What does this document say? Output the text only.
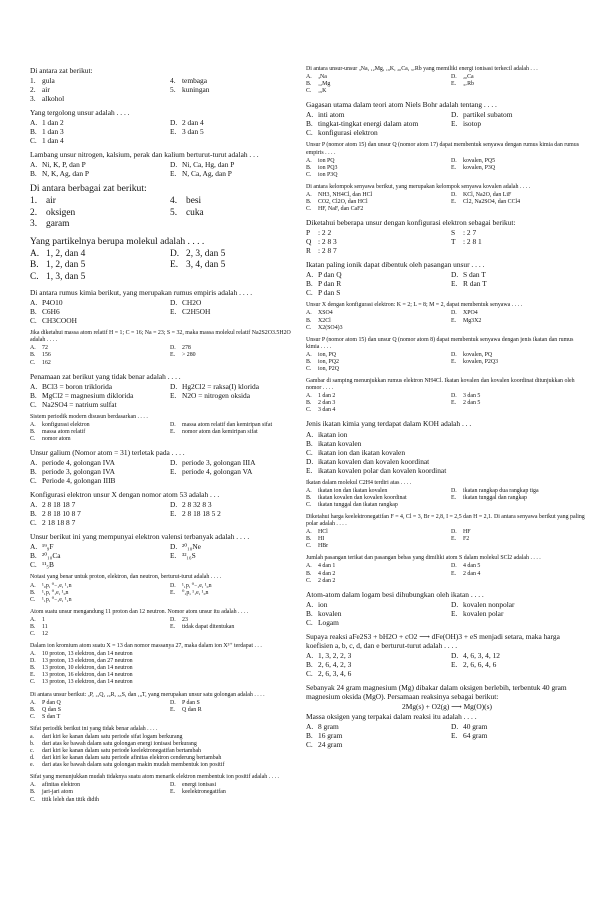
Di antara zat berikut:
1. gula	4. tembaga
2. air	5. kuningan
3. alkohol
Yang tergolong unsur adalah . . . .
A. 1 dan 2	D. 2 dan 4
B. 1 dan 3	E. 3 dan 5
C. 1 dan 4
Lambang unsur nitrogen, kalsium, perak dan kalium berturut-turut adalah . . .
A. Ni, K, P, dan P	D. Ni, Ca, Hg, dan P
B. N, K, Ag, dan P	E. N, Ca, Ag, dan P
Di antara berbagai zat berikut:
1. air	4. besi
2. oksigen	5. cuka
3. garam
Yang partikelnya berupa molekul adalah . . . .
A. 1, 2, dan 4	D. 2, 3, dan 5
B. 1, 2, dan 5	E. 3, 4, dan 5
C. 1, 3, dan 5
Di antara rumus kimia berikut, yang merupakan rumus empiris adalah . . . .
A. P4O10	D. CH2O
B. C6H6	E. C2H5OH
C. CH3COOH
Jika diketahui massa atom relatif H = 1; C = 16; Na = 23; S = 32, maka massa molekul relatif Na2S2O3.5H2O adalah . . . .
A.	72	D.	278
B.	156	E.	> 280
C.	162
Penamaan zat berikut yang tidak benar adalah . . . .
A. BCl3 = boron triklorida	D. Hg2Cl2 = raksa(I) klorida
B. MgCl2 = magnesium diklorida	E. N2O = nitrogen oksida
C. Na2SO4 = natrium sulfat
Sistem periodik modern disusun berdasarkan . . . .
A.	konfigurasi elektron	D.	massa atom relatif dan kemiripan sifat
B.	massa atom relatif	E.	nomor atom dan kemiripan sifat
C.	nomor atom
Unsur galium (Nomor atom = 31) terletak pada . . . .
A. periode 4, golongan IVA	D. periode 3, golongan IIIA
B. periode 3, golongan IVA	E. periode 4, golongan VA
C. Periode 4, golongan IIIB
Konfigurasi elektron unsur X dengan nomor atom 53 adalah . . .
A. 2 8 18 18 7	D. 2 8 32 8 3
B. 2 8 18 10 8 7	E. 2 8 18 18 5 2
C. 2 18 18 8 7
Unsur berikut ini yang mempunyai elektron valensi terbanyak adalah . . . .
A. ¹⁹₉F	D. ²⁰₁₀Ne
B. ²⁰₁₀Ca	E. ³²₁₆S
C. ¹¹₅B
Notasi yang benar untuk proton, elektron, dan neutron, berturut-turut adalah . . . .
A.	¹₀p, ⁰₋₁e, ¹₁n	D.	¹₁p, ⁰₋₁e, ¹₀n
B.	¹₁p, ⁰₁e, ¹₀n	E.	⁰₁p, ¹₁e, ¹₀n
C.	¹₁p, ⁰₋₁e, ¹₁n
Atom suatu unsur mengandung 11 proton dan 12 neutron. Nomor atom unsur itu adalah . . . .
A.	1	D.	23
B.	11	E.	tidak dapat ditentukan
C.	12
Dalam ion kromium atom suatu X = 13 dan nomor massanya 27, maka dalam ion X³⁺ terdapat . . .
A.	10 proton, 13 elektron, dan 14 neutron
D.	13 proton, 13 elektron, dan 27 neutron
B.	13 proton, 10 elektron, dan 14 neutron
E.	13 proton, 16 elektron, dan 14 neutron
C.	13 proton, 13 elektron, dan 14 neutron
Di antara unsur berikut: ₃P, ₁₂Q, ₁₉R, ₃₃S, dan ₁₈T, yang merupakan unsur satu golongan adalah . . . .
A.	P dan Q	D.	P dan S
B.	Q dan S	E.	Q dan R
C.	S dan T
Sifat periodik berikut ini yang tidak benar adalah . . . .
a.	dari kiri ke kanan dalam satu periode sifat logam berkurang
b.	dari atas ke bawah dalam satu golongan energi ionisasi berkurang
c.	dari kiri ke kanan dalam satu periode keelektronegatifan bertambah
d.	dari kiri ke kanan dalam satu periode afinitas elektron cenderung bertambah
e.	dari atas ke bawah dalam satu golongan makin mudah membentuk ion positif
Sifat yang menunjukkan mudah tidaknya suatu atom menarik elektron membentuk ion positif adalah . . . .
A.	afinitas elektron	D.	energi ionisasi
B.	jari-jari atom	E.	keelektronegatifan
C.	titik leleh dan titik didih
Di antara unsur-unsur ₃Na, ₁₂Mg, ₁₉K, ₂₀Ca, ₃₇Rb yang memiliki energi ionisasi terkecil adalah . . .
A.	₃Na	D.	₂₀Ca
B.	₁₂Mg	E.	₃₇Rb
C.	₁₉K
Gagasan utama dalam teori atom Niels Bohr adalah tentang . . . .
A. inti atom	D. partikel subatom
B. tingkat-tingkat energi dalam atom	E. isotop
C. konfigurasi elektron
Unsur P (nomor atom 15) dan unsur Q (nomor atom 17) dapat membentuk senyawa dengan rumus kimia dan rumus empiris . . . .
A.	ion PQ	D.	kovalen, PQ5
B.	ion PQ3	E.	kovalen, P3Q
C.	ion P3Q
Di antara kelompok senyawa berikut, yang merupakan kelompok senyawa kovalen adalah . . . .
A.	NH3, NH4Cl, dan HCl	D.	KCl, Na2O, dan LiF
B.	CO2, Cl2O, dan HCl	E.	Cl2, Na2SO4, dan CCl4
C.	HF, NaF, dan CaF2
Diketahui beberapa unsur dengan konfigurasi elektron sebagai berikut:
P	: 2 2	S	: 2 7
Q : 2 8 3	T	: 2 8 1
R : 2 8 7
Ikatan paling ionik dapat dibentuk oleh pasangan unsur . . . .
A. P dan Q	D. S dan T
B. P dan R	E. R dan T
C. P dan S
Unsur X dengan konfigurasi elektron: K = 2; L = 8; M = 2, dapat membentuk senyawa . . . .
A.	XSO4	D.	XPO4
B.	X2Cl	E.	Mg3X2
C.	X2(SO4)3
Unsur P (nomor atom 15) dan unsur Q (nomor atom 8) dapat membentuk senyawa dengan jenis ikatan dan rumus kimia . . . .
A.	ion, PQ	D.	kovalen, PQ
B.	ion, PQ2	E.	kovalen, P2Q3
C.	ion, P2Q
Gambar di samping menunjukkan rumus elektron NH4Cl. Ikatan kovalen dan kovalen koordinat ditunjukkan oleh nomor . . . .
A.	1 dan 2	D.	3 dan 5
B.	2 dan 3	E.	2 dan 5
C.	3 dan 4
Jenis ikatan kimia yang terdapat dalam KOH adalah . . .
A. ikatan ion
B. ikatan kovalen
C. ikatan ion dan ikatan kovalen
D. ikatan kovalen dan kovalen koordinat
E. ikatan kovalen polar dan kovalen koordinat
Ikatan dalam molekul C2H4 terdiri atas . . . .
A.	ikatan ion dan ikatan kovalen	D.	ikatan rangkap dua rangkap tiga
B.	ikatan kovalen dan kovalen koordinat	E.	ikatan tunggal dan rangkap
C.	ikatan tunggal dan ikatan rangkap
Diketahui harga keelektronegatifan F = 4, Cl = 3, Br = 2,8, I = 2,5 dan H = 2,1. Di antara senyawa berikut yang paling polar adalah . . . .
A.	HCl	D.	HF
B.	HI	E.	F2
C.	HBr
Jumlah pasangan terikat dan pasangan bebas yang dimiliki atom S dalam molekul SCl2 adalah . . . .
A.	4 dan 1	D.	4 dan 5
B.	4 dan 2	E.	2 dan 4
C.	2 dan 2
Atom-atom dalam logam besi dihubungkan oleh ikatan . . . .
A. ion	D. kovalen nonpolar
B. kovalen	E. kovalen polar
C. Logam
Supaya reaksi aFe2S3 + bH2O + cO2 ⟶ dFe(OH)3 + eS menjadi setara, maka harga koefisien a, b, c, d, dan e berturut-turut adalah . . . .
A. 1, 3, 2, 2, 3	D. 4, 6, 3, 4, 12
B. 2, 6, 4, 2, 3	E. 2, 6, 6, 4, 6
C. 2, 6, 3, 4, 6
Sebanyak 24 gram magnesium (Mg) dibakar dalam oksigen berlebih, terbentuk 40 gram magnesium oksida (MgO). Persamaan reaksinya sebagai berikut:
2Mg(s) + O2(g) ⟶ Mg(O)(s)
Massa oksigen yang terpakai dalam reaksi itu adalah . . . .
A. 8 gram	D. 40 gram
B. 16 gram	E. 64 gram
C. 24 gram
